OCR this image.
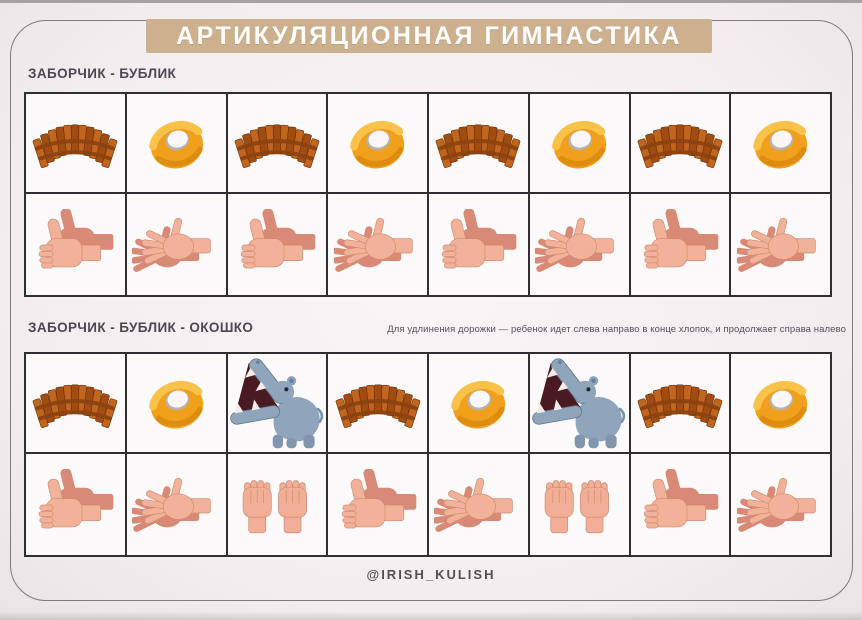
АРТИКУЛЯЦИОННАЯ ГИМНАСТИКА
ЗАБОРЧИК - БУБЛИК
ЗАБОРЧИК - БУБЛИК - ОКОШКО	Для удлинения дорожки — ребенок идет слева направо в конце хлопок, и продолжает справа налево
@IRISH_KULISH
